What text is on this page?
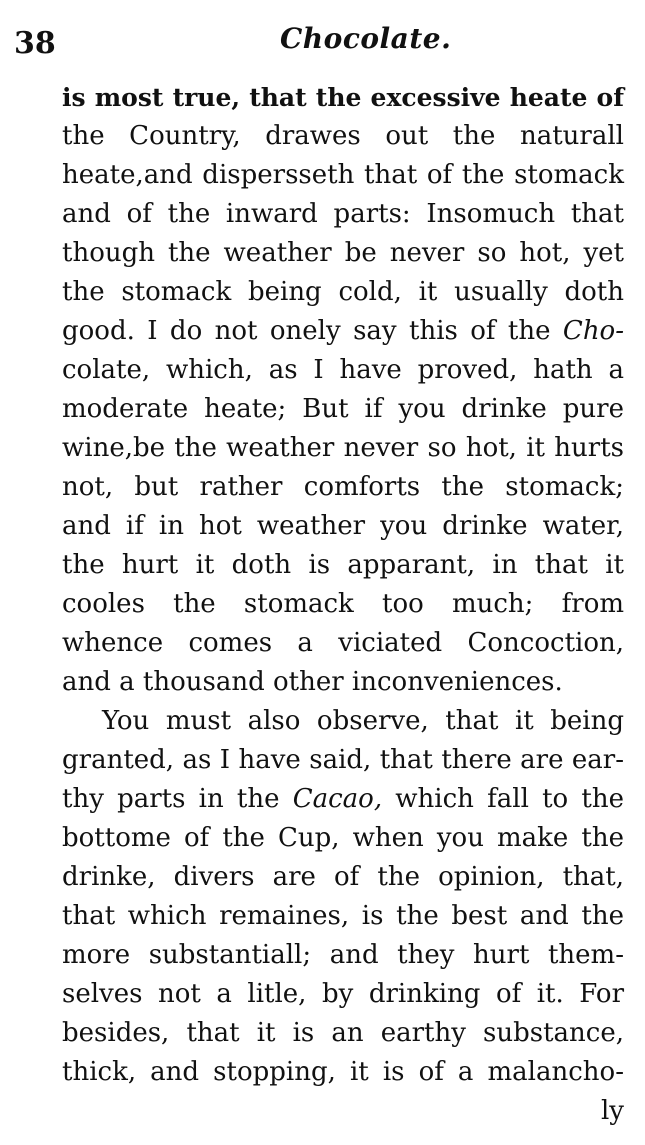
38	Chocolate.
is most true, that the excessive heate of
the Country, drawes out the naturall
heate,and dispersseth that of the stomack
and of the inward parts: Insomuch that
though the weather be never so hot, yet
the stomack being cold, it usually doth
good. I do not onely say this of the Cho-
colate, which, as I have proved, hath a
moderate heate; But if you drinke pure
wine,be the weather never so hot, it hurts
not, but rather comforts the stomack;
and if in hot weather you drinke water,
the hurt it doth is apparant, in that it
cooles the stomack too much; from
whence comes a viciated Concoction,
and a thousand other inconveniences.
You must also observe, that it being
granted, as I have said, that there are ear-
thy parts in the Cacao, which fall to the
bottome of the Cup, when you make the
drinke, divers are of the opinion, that,
that which remaines, is the best and the
more substantiall; and they hurt them-
selves not a litle, by drinking of it. For
besides, that it is an earthy substance,
thick, and stopping, it is of a malancho-
ly
